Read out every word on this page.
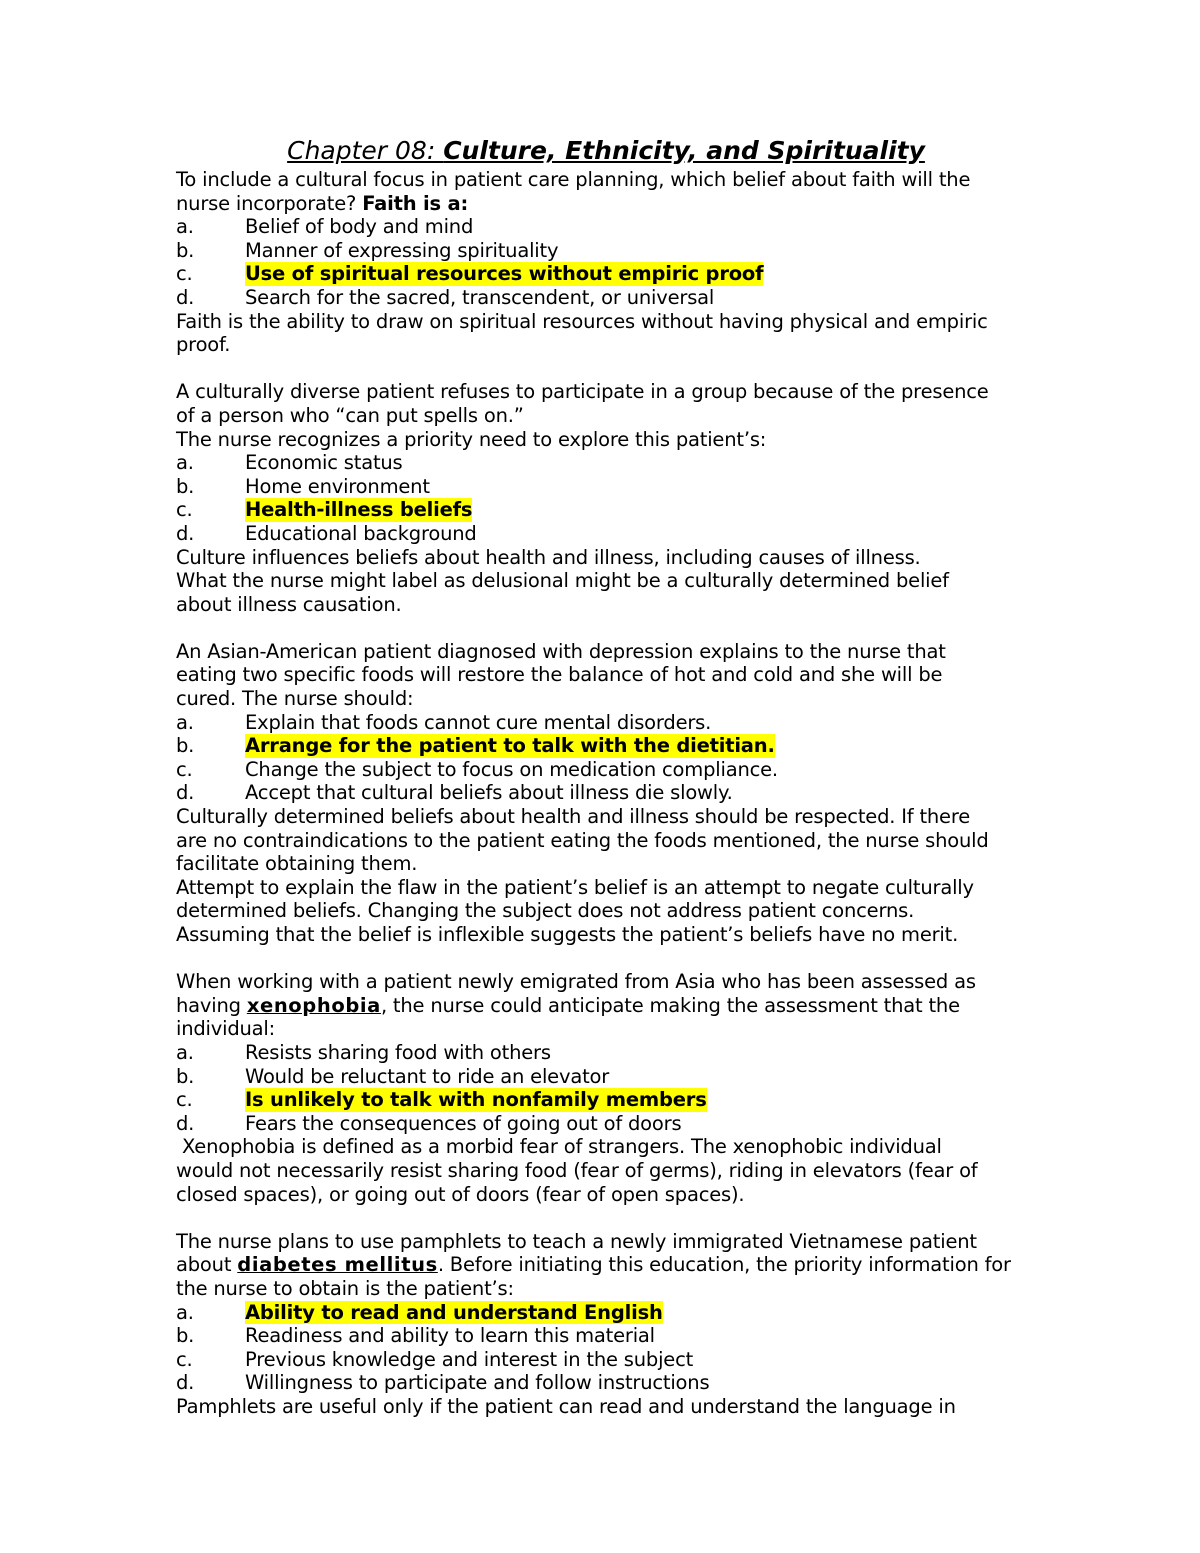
Chapter 08: Culture, Ethnicity, and Spirituality

To include a cultural focus in patient care planning, which belief about faith will the

nurse incorporate? Faith is a:

a.	Belief of body and mind

b.	Manner of expressing spirituality

c.	Use of spiritual resources without empiric proof

d.	Search for the sacred, transcendent, or universal

Faith is the ability to draw on spiritual resources without having physical and empiric

proof.

A culturally diverse patient refuses to participate in a group because of the presence

of a person who “can put spells on.”

The nurse recognizes a priority need to explore this patient’s:

a.	Economic status

b.	Home environment

c.	Health-illness beliefs

d.	Educational background

Culture influences beliefs about health and illness, including causes of illness.

What the nurse might label as delusional might be a culturally determined belief

about illness causation.

An Asian-American patient diagnosed with depression explains to the nurse that

eating two specific foods will restore the balance of hot and cold and she will be

cured. The nurse should:

a.	Explain that foods cannot cure mental disorders.

b.	Arrange for the patient to talk with the dietitian.

c.	Change the subject to focus on medication compliance.

d.	Accept that cultural beliefs about illness die slowly.

Culturally determined beliefs about health and illness should be respected. If there

are no contraindications to the patient eating the foods mentioned, the nurse should

facilitate obtaining them.

Attempt to explain the flaw in the patient’s belief is an attempt to negate culturally

determined beliefs. Changing the subject does not address patient concerns.

Assuming that the belief is inflexible suggests the patient’s beliefs have no merit.

When working with a patient newly emigrated from Asia who has been assessed as

having xenophobia, the nurse could anticipate making the assessment that the

individual:

a.	Resists sharing food with others

b.	Would be reluctant to ride an elevator

c.	Is unlikely to talk with nonfamily members

d.	Fears the consequences of going out of doors

Xenophobia is defined as a morbid fear of strangers. The xenophobic individual

would not necessarily resist sharing food (fear of germs), riding in elevators (fear of

closed spaces), or going out of doors (fear of open spaces).

The nurse plans to use pamphlets to teach a newly immigrated Vietnamese patient

about diabetes mellitus. Before initiating this education, the priority information for

the nurse to obtain is the patient’s:

a.	Ability to read and understand English

b.	Readiness and ability to learn this material

c.	Previous knowledge and interest in the subject

d.	Willingness to participate and follow instructions

Pamphlets are useful only if the patient can read and understand the language in
